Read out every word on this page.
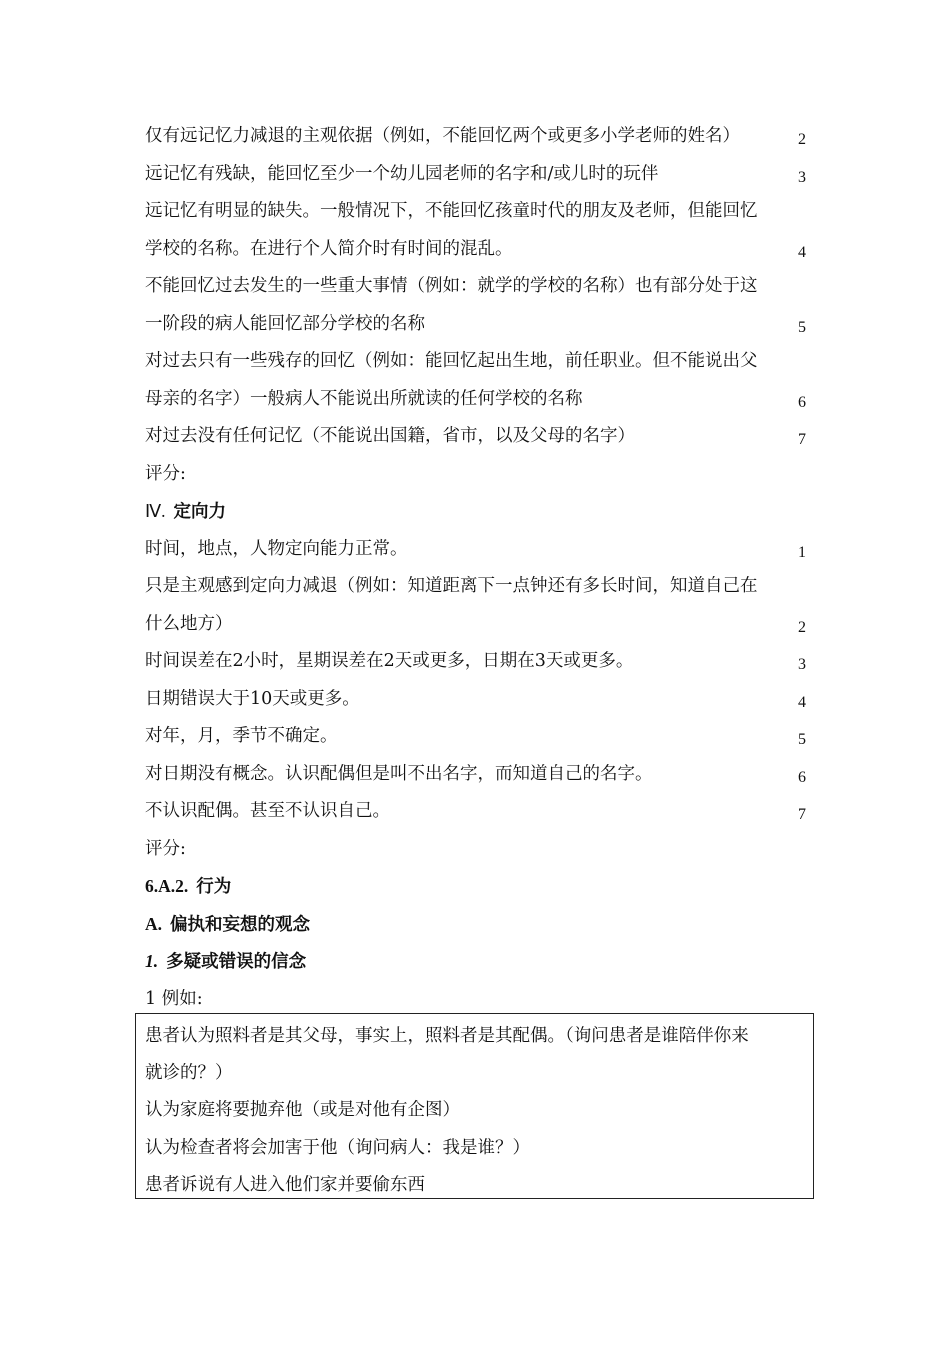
仅有远记忆力减退的主观依据（例如，不能回忆两个或更多小学老师的姓名）	2
远记忆有残缺，能回忆至少一个幼儿园老师的名字和/或儿时的玩伴	3
远记忆有明显的缺失。一般情况下，不能回忆孩童时代的朋友及老师，但能回忆
学校的名称。在进行个人简介时有时间的混乱。	4
不能回忆过去发生的一些重大事情（例如：就学的学校的名称）也有部分处于这
一阶段的病人能回忆部分学校的名称	5
对过去只有一些残存的回忆（例如：能回忆起出生地，前任职业。但不能说出父
母亲的名字）一般病人不能说出所就读的任何学校的名称	6
对过去没有任何记忆（不能说出国籍，省市，以及父母的名字）	7
评分:
Ⅳ. 定向力
时间，地点，人物定向能力正常。	1
只是主观感到定向力减退（例如：知道距离下一点钟还有多长时间，知道自己在
什么地方）	2
时间误差在2小时，星期误差在2天或更多，日期在3天或更多。	3
日期错误大于10天或更多。	4
对年，月，季节不确定。	5
对日期没有概念。认识配偶但是叫不出名字，而知道自己的名字。	6
不认识配偶。甚至不认识自己。	7
评分:
6.A.2. 行为
A. 偏执和妄想的观念
1. 多疑或错误的信念
1 例如:
患者认为照料者是其父母，事实上，照料者是其配偶。（询问患者是谁陪伴你来
就诊的？）
认为家庭将要抛弃他（或是对他有企图）
认为检查者将会加害于他（询问病人：我是谁？）
患者诉说有人进入他们家并要偷东西
